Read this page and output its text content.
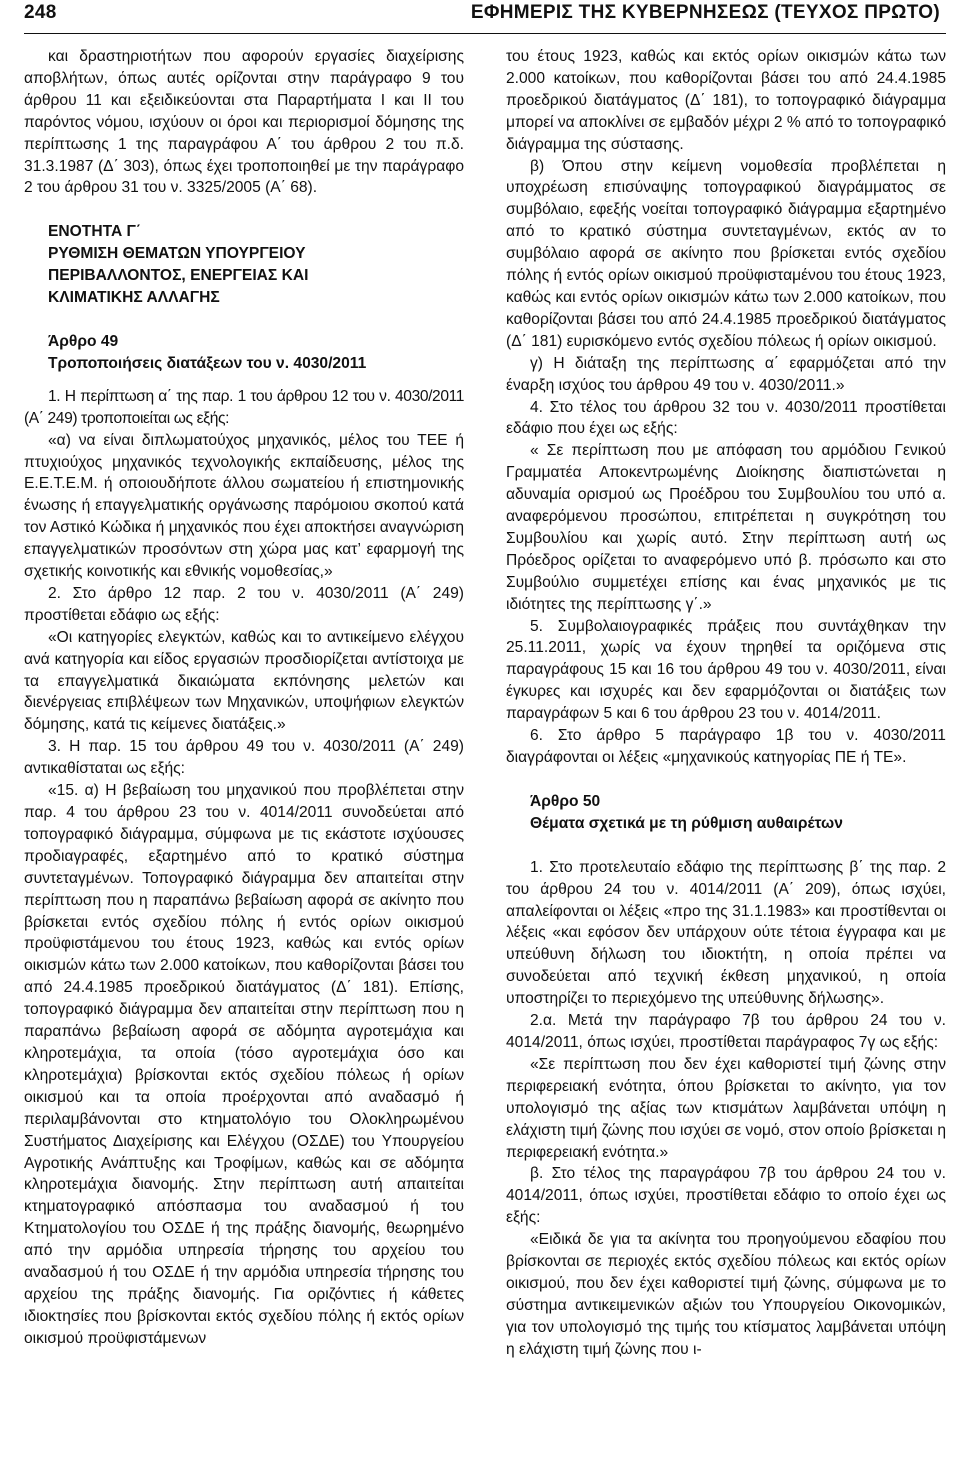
248	ΕΦΗΜΕΡΙΣ ΤΗΣ ΚΥΒΕΡΝΗΣΕΩΣ (ΤΕΥΧΟΣ ΠΡΩΤΟ)

και δραστηριοτήτων που αφορούν εργασίες διαχείρισης αποβλήτων, όπως αυτές ορίζονται στην παράγραφο 9 του άρθρου 11 και εξειδικεύονται στα Παραρτήματα I και II του παρόντος νόμου, ισχύουν οι όροι και περιορισμοί δόμησης της περίπτωσης 1 της παραγράφου Α΄ του άρθρου 2 του π.δ. 31.3.1987 (Δ΄ 303), όπως έχει τροποποιηθεί με την παράγραφο 2 του άρθρου 31 του ν. 3325/2005 (Α΄ 68).

ΕΝΟΤΗΤΑ Γ΄

ΡΥΘΜΙΣΗ ΘΕΜΑΤΩΝ ΥΠΟΥΡΓΕΙΟΥ

ΠΕΡΙΒΑΛΛΟΝΤΟΣ, ΕΝΕΡΓΕΙΑΣ ΚΑΙ

ΚΛΙΜΑΤΙΚΗΣ ΑΛΛΑΓΗΣ

Άρθρο 49

Τροποποιήσεις διατάξεων του ν. 4030/2011

1. Η περίπτωση α΄ της παρ. 1 του άρθρου 12 του ν. 4030/2011 (Α΄ 249) τροποποιείται ως εξής:

«α) να είναι διπλωματούχος μηχανικός, μέλος του ΤΕΕ ή πτυχιούχος μηχανικός τεχνολογικής εκπαίδευσης, μέλος της Ε.Ε.Τ.Ε.Μ. ή οποιουδήποτε άλλου σωματείου ή επιστημονικής ένωσης ή επαγγελματικής οργάνωσης παρόμοιου σκοπού κατά τον Αστικό Κώδικα ή μηχανικός που έχει αποκτήσει αναγνώριση επαγγελματικών προσόντων στη χώρα μας κατ’ εφαρμογή της σχετικής κοινοτικής και εθνικής νομοθεσίας,»

2. Στο άρθρο 12 παρ. 2 του ν. 4030/2011 (Α΄ 249) προστίθεται εδάφιο ως εξής:

«Οι κατηγορίες ελεγκτών, καθώς και το αντικείμενο ελέγχου ανά κατηγορία και είδος εργασιών προσδιορίζεται αντίστοιχα με τα επαγγελματικά δικαιώματα εκπόνησης μελετών και διενέργειας επιβλέψεων των Μηχανικών, υποψήφιων ελεγκτών δόμησης, κατά τις κείμενες διατάξεις.»

3. Η παρ. 15 του άρθρου 49 του ν. 4030/2011 (Α΄ 249) αντικαθίσταται ως εξής:

«15. α) Η βεβαίωση του μηχανικού που προβλέπεται στην παρ. 4 του άρθρου 23 του ν. 4014/2011 συνοδεύεται από τοπογραφικό διάγραμμα, σύμφωνα με τις εκάστοτε ισχύουσες προδιαγραφές, εξαρτημένο από το κρατικό σύστημα συντεταγμένων. Τοπογραφικό διάγραμμα δεν απαιτείται στην περίπτωση που η παραπάνω βεβαίωση αφορά σε ακίνητο που βρίσκεται εντός σχεδίου πόλης ή εντός ορίων οικισμού προϋφιστάμενου του έτους 1923, καθώς και εντός ορίων οικισμών κάτω των 2.000 κατοίκων, που καθορίζονται βάσει του από 24.4.1985 προεδρικού διατάγματος (Δ΄ 181). Επίσης, τοπογραφικό διάγραμμα δεν απαιτείται στην περίπτωση που η παραπάνω βεβαίωση αφορά σε αδόμητα αγροτεμάχια και κληροτεμάχια, τα οποία (τόσο αγροτεμάχια όσο και κληροτεμάχια) βρίσκονται εκτός σχεδίου πόλεως ή ορίων οικισμού και τα οποία προέρχονται από αναδασμό ή περιλαμβάνονται στο κτηματολόγιο του Ολοκληρωμένου Συστήματος Διαχείρισης και Ελέγχου (ΟΣΔΕ) του Υπουργείου Αγροτικής Ανάπτυξης και Τροφίμων, καθώς και σε αδόμητα κληροτεμάχια διανομής. Στην περίπτωση αυτή απαιτείται κτηματογραφικό απόσπασμα του αναδασμού ή του Κτηματολογίου του ΟΣΔΕ ή της πράξης διανομής, θεωρημένο από την αρμόδια υπηρεσία τήρησης του αρχείου του αναδασμού ή του ΟΣΔΕ ή την αρμόδια υπηρεσία τήρησης του αρχείου της πράξης διανομής. Για οριζόντιες ή κάθετες ιδιοκτησίες που βρίσκονται εκτός σχεδίου πόλης ή εκτός ορίων οικισμού προϋφιστάμενων

του έτους 1923, καθώς και εκτός ορίων οικισμών κάτω των 2.000 κατοίκων, που καθορίζονται βάσει του από 24.4.1985 προεδρικού διατάγματος (Δ΄ 181), το τοπογραφικό διάγραμμα μπορεί να αποκλίνει σε εμβαδόν μέχρι 2 % από το τοπογραφικό διάγραμμα της σύστασης.

β) Όπου στην κείμενη νομοθεσία προβλέπεται η υποχρέωση επισύναψης τοπογραφικού διαγράμματος σε συμβόλαιο, εφεξής νοείται τοπογραφικό διάγραμμα εξαρτημένο από το κρατικό σύστημα συντεταγμένων, εκτός αν το συμβόλαιο αφορά σε ακίνητο που βρίσκεται εντός σχεδίου πόλης ή εντός ορίων οικισμού προϋφισταμένου του έτους 1923, καθώς και εντός ορίων οικισμών κάτω των 2.000 κατοίκων, που καθορίζονται βάσει του από 24.4.1985 προεδρικού διατάγματος (Δ΄ 181) ευρισκόμενο εντός σχεδίου πόλεως ή ορίων οικισμού.

γ) Η διάταξη της περίπτωσης α΄ εφαρμόζεται από την έναρξη ισχύος του άρθρου 49 του ν. 4030/2011.»

4. Στο τέλος του άρθρου 32 του ν. 4030/2011 προστίθεται εδάφιο που έχει ως εξής:

« Σε περίπτωση που με απόφαση του αρμόδιου Γενικού Γραμματέα Αποκεντρωμένης Διοίκησης διαπιστώνεται η αδυναμία ορισμού ως Προέδρου του Συμβουλίου του υπό α. αναφερόμενου προσώπου, επιτρέπεται η συγκρότηση του Συμβουλίου και χωρίς αυτό. Στην περίπτωση αυτή ως Πρόεδρος ορίζεται το αναφερόμενο υπό β. πρόσωπο και στο Συμβούλιο συμμετέχει επίσης και ένας μηχανικός με τις ιδιότητες της περίπτωσης γ΄.»

5. Συμβολαιογραφικές πράξεις που συντάχθηκαν την 25.11.2011, χωρίς να έχουν τηρηθεί τα οριζόμενα στις παραγράφους 15 και 16 του άρθρου 49 του ν. 4030/2011, είναι έγκυρες και ισχυρές και δεν εφαρμόζονται οι διατάξεις των παραγράφων 5 και 6 του άρθρου 23 του ν. 4014/2011.

6. Στο άρθρο 5 παράγραφο 1β του ν. 4030/2011 διαγράφονται οι λέξεις «μηχανικούς κατηγορίας ΠΕ ή ΤΕ».

Άρθρο 50

Θέματα σχετικά με τη ρύθμιση αυθαιρέτων

1. Στο προτελευταίο εδάφιο της περίπτωσης β΄ της παρ. 2 του άρθρου 24 του ν. 4014/2011 (Α΄ 209), όπως ισχύει, απαλείφονται οι λέξεις «προ της 31.1.1983» και προστίθενται οι λέξεις «και εφόσον δεν υπάρχουν ούτε τέτοια έγγραφα και με υπεύθυνη δήλωση του ιδιοκτήτη, η οποία πρέπει να συνοδεύεται από τεχνική έκθεση μηχανικού, η οποία υποστηρίζει το περιεχόμενο της υπεύθυνης δήλωσης».

2.α. Μετά την παράγραφο 7β του άρθρου 24 του ν. 4014/2011, όπως ισχύει, προστίθεται παράγραφος 7γ ως εξής:

«Σε περίπτωση που δεν έχει καθοριστεί τιμή ζώνης στην περιφερειακή ενότητα, όπου βρίσκεται το ακίνητο, για τον υπολογισμό της αξίας των κτισμάτων λαμβάνεται υπόψη η ελάχιστη τιμή ζώνης που ισχύει σε νομό, στον οποίο βρίσκεται η περιφερειακή ενότητα.»

β. Στο τέλος της παραγράφου 7β του άρθρου 24 του ν. 4014/2011, όπως ισχύει, προστίθεται εδάφιο το οποίο έχει ως εξής:

«Ειδικά δε για τα ακίνητα του προηγούμενου εδαφίου που βρίσκονται σε περιοχές εκτός σχεδίου πόλεως και εκτός ορίων οικισμού, που δεν έχει καθοριστεί τιμή ζώνης, σύμφωνα με το σύστημα αντικειμενικών αξιών του Υπουργείου Οικονομικών, για τον υπολογισμό της τιμής του κτίσματος λαμβάνεται υπόψη η ελάχιστη τιμή ζώνης που ι-
